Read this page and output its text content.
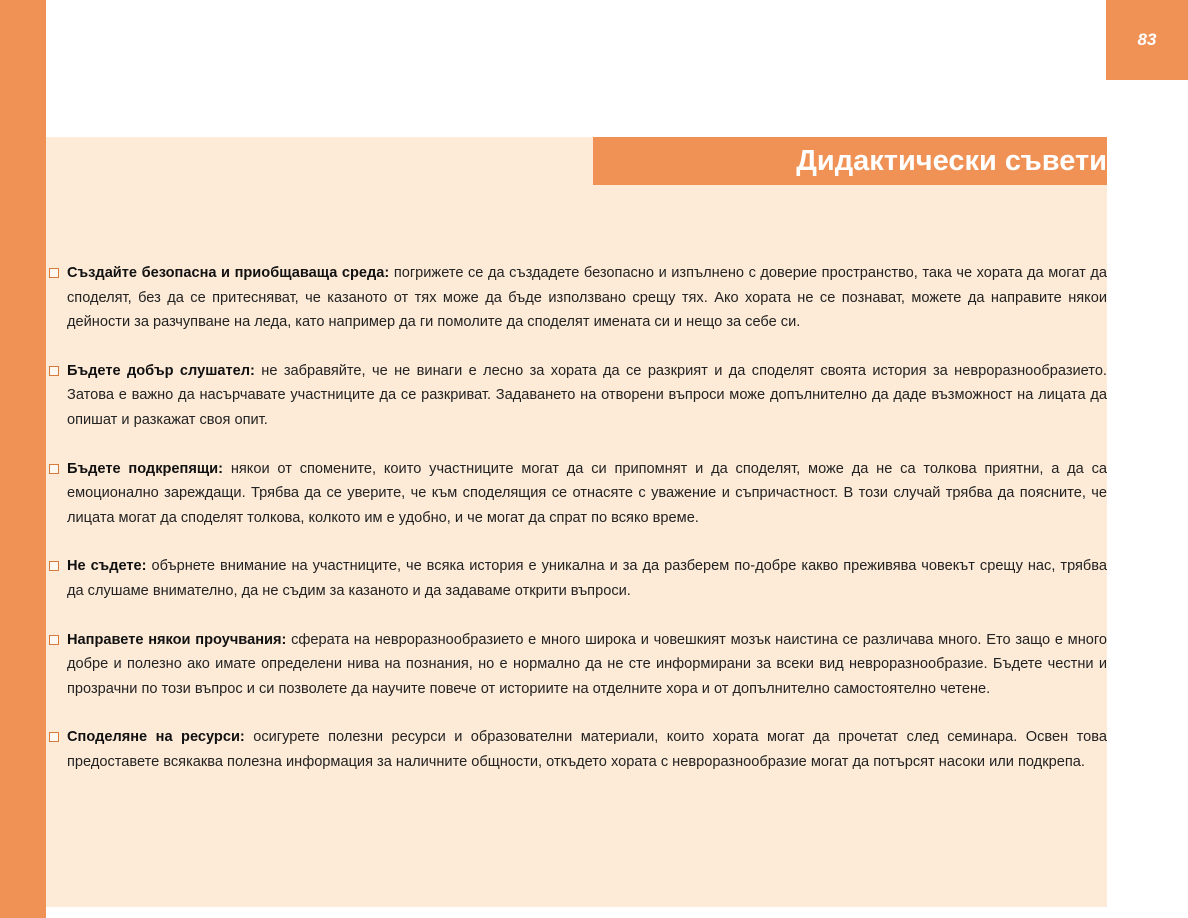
83
Дидактически съвети
Създайте безопасна и приобщаваща среда: погрижете се да създадете безопасно и изпълнено с доверие пространство, така че хората да могат да споделят, без да се притесняват, че казаното от тях може да бъде използвано срещу тях. Ако хората не се познават, можете да направите някои дейности за разчупване на леда, като например да ги помолите да споделят имената си и нещо за себе си.
Бъдете добър слушател: не забравяйте, че не винаги е лесно за хората да се разкрият и да споделят своята история за невроразнообразието. Затова е важно да насърчавате участниците да се разкриват. Задаването на отворени въпроси може допълнително да даде възможност на лицата да опишат и разкажат своя опит.
Бъдете подкрепящи: някои от спомените, които участниците могат да си припомнят и да споделят, може да не са толкова приятни, а да са емоционално зареждащи. Трябва да се уверите, че към споделящия се отнасяте с уважение и съпричастност. В този случай трябва да поясните, че лицата могат да споделят толкова, колкото им е удобно, и че могат да спрат по всяко време.
Не съдете: обърнете внимание на участниците, че всяка история е уникална и за да разберем по-добре какво преживява човекът срещу нас, трябва да слушаме внимателно, да не съдим за казаното и да задаваме открити въпроси.
Направете някои проучвания: сферата на невроразнообразието е много широка и човешкият мозък наистина се различава много. Ето защо е много добре и полезно ако имате определени нива на познания, но е нормално да не сте информирани за всеки вид невроразнообразие. Бъдете честни и прозрачни по този въпрос и си позволете да научите повече от историите на отделните хора и от допълнително самостоятелно четене.
Споделяне на ресурси: осигурете полезни ресурси и образователни материали, които хората могат да прочетат след семинара. Освен това предоставете всякаква полезна информация за наличните общности, откъдето хората с невроразнообразие могат да потърсят насоки или подкрепа.
